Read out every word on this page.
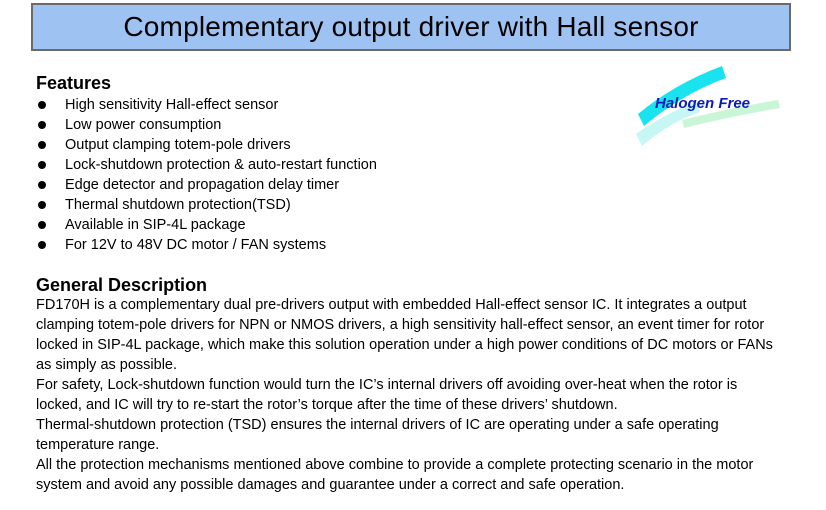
Complementary output driver with Hall sensor
Halogen Free
Features
High sensitivity Hall-effect sensor
Low power consumption
Output clamping totem-pole drivers
Lock-shutdown protection & auto-restart function
Edge detector and propagation delay timer
Thermal shutdown protection(TSD)
Available in SIP-4L package
For 12V to 48V DC motor / FAN systems
General Description
FD170H is a complementary dual pre-drivers output with embedded Hall-effect sensor IC. It integrates a output
clamping totem-pole drivers for NPN or NMOS drivers, a high sensitivity hall-effect sensor, an event timer for rotor
locked in SIP-4L package, which make this solution operation under a high power conditions of DC motors or FANs
as simply as possible.
For safety, Lock-shutdown function would turn the IC’s internal drivers off avoiding over-heat when the rotor is
locked, and IC will try to re-start the rotor’s torque after the time of these drivers’ shutdown.
Thermal-shutdown protection (TSD) ensures the internal drivers of IC are operating under a safe operating
temperature range.
All the protection mechanisms mentioned above combine to provide a complete protecting scenario in the motor
system and avoid any possible damages and guarantee under a correct and safe operation.
